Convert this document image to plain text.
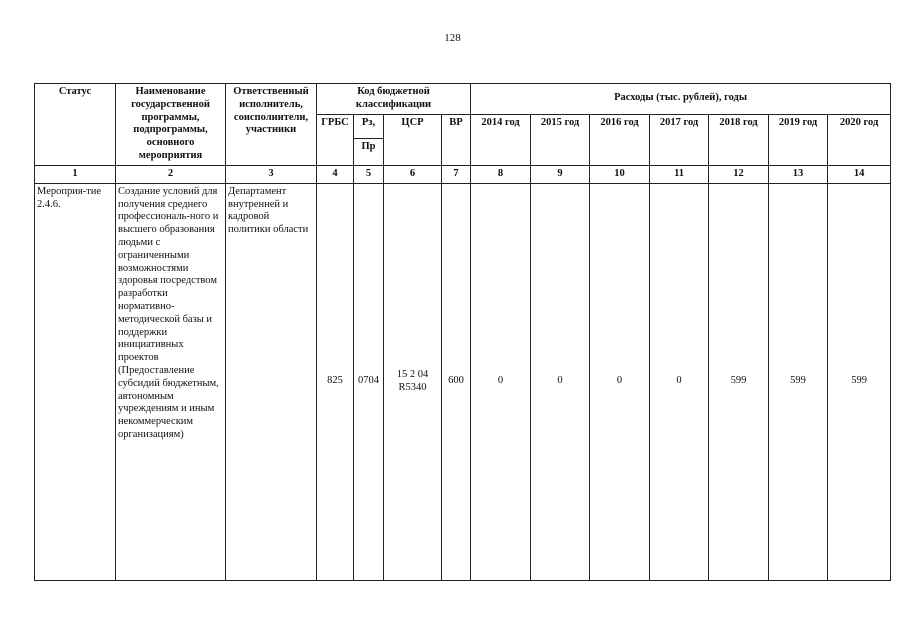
128
Статус	Наименование государственной программы, подпрограммы, основного мероприятия	Ответственный исполнитель, соисполнители, участники	Код бюджетной классификации				Расходы (тыс. рублей), годы						
			ГРБС	Рз,	ЦСР	ВР	2014 год	2015 год	2016 год	2017 год	2018 год	2019 год	2020 год
				Пр									
1	2	3	4	5	6	7	8	9	10	11	12	13	14
Мероприя-тие 2.4.6.	Создание условий для получения среднего профессиональ-ного и высшего образования людьми с ограниченными возможностями здоровья посредством разработки нормативно-методической базы и поддержки инициативных проектов (Предоставление субсидий бюджетным, автономным учреждениям и иным некоммерческим организациям)	Департамент внутренней и кадровой политики области	825	0704	15 2 04 R5340	600	0	0	0	0	599	599	599
